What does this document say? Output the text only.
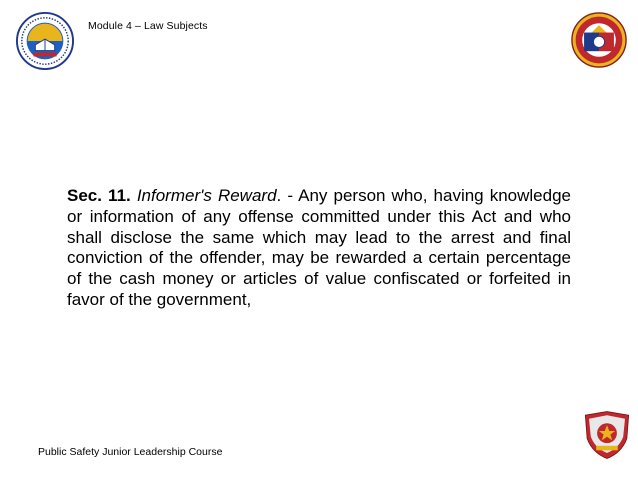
Module 4 – Law Subjects
Sec. 11. Informer's Reward. - Any person who, having knowledge or information of any offense committed under this Act and who shall disclose the same which may lead to the arrest and final conviction of the offender, may be rewarded a certain percentage of the cash money or articles of value confiscated or forfeited in favor of the government,
Public Safety Junior Leadership Course
